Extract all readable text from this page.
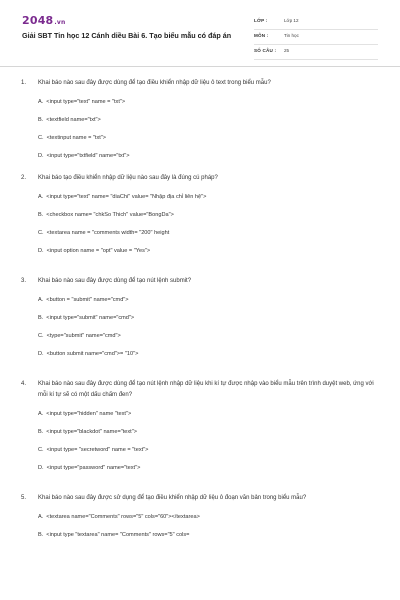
2048.vn
Giải SBT Tin học 12 Cánh diều Bài 6. Tạo biểu mẫu có đáp án
LỚP :	Lớp 12
MÔN :	Tin học
SỐ CÂU : 25
1. Khai báo nào sau đây được dùng để tạo điều khiển nhập dữ liệu ô text trong biểu mẫu?
A. <input type="text" name = "txt">
B. <textfield name="txt">
C. <textinput name = "txt">
D. <input type="txtfield" name="txt">
2. Khai báo tạo điều khiển nhập dữ liệu nào sau đây là đúng cú pháp?
A. <input type="text" name= "diaChi" value= "Nhập địa chỉ liên hệ">
B. <checkbox name= "chkSo Thich" value="BongDa">
C. <textarea name = "comments width= "200" height
D. <input option name = "opt" value = "Yes">
3. Khai báo nào sau đây được dùng để tạo nút lệnh submit?
A. <button = "submit" name="cmd">
B. <input type="submit" name="cmd">
C. <type="submit" name="cmd">
D. <button submit name="cmd">= "10">
4. Khai báo nào sau đây được dùng để tạo nút lệnh nhập dữ liệu khi kí tự được nhập vào biểu mẫu trên trình duyệt web, ứng với mỗi kí tự sẽ có một dấu chấm đen?
A. <input type="hidden" name "text">
B. <input type="blackdot" name="text">
C. <input type= "secretword" name = "text">
D. <input type="password" name="text">
5. Khai báo nào sau đây được sử dụng để tạo điều khiển nhập dữ liệu ô đoạn văn bản trong biểu mẫu?
A. <textarea name="Comments" rows="5" cols="60"></textarea>
B. <input type "textarea" name= "Comments" rows="5" cols=
